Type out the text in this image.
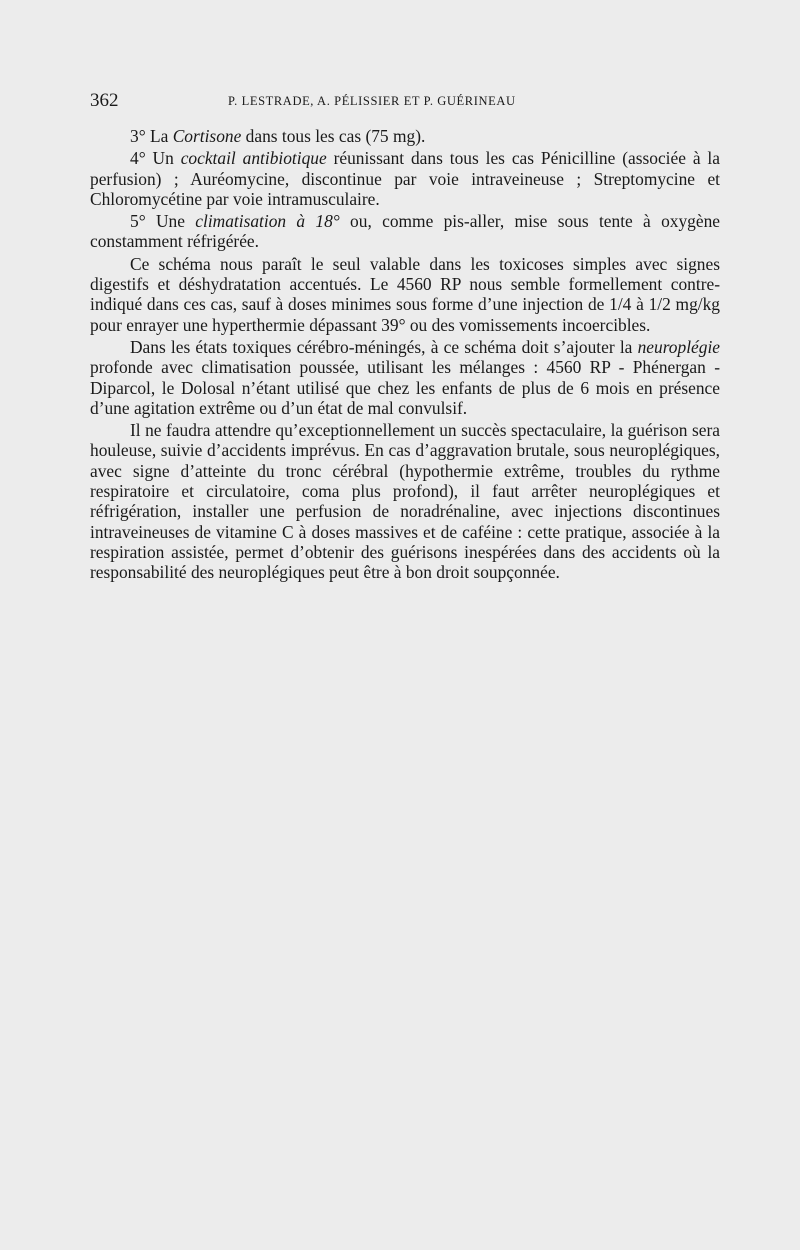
362	P. LESTRADE, A. PÉLISSIER ET P. GUÉRINEAU

3° La Cortisone dans tous les cas (75 mg).

4° Un cocktail antibiotique réunissant dans tous les cas Pénicilline (associée à la perfusion) ; Auréomycine, discontinue par voie intraveineuse ; Streptomycine et Chloromycétine par voie intramusculaire.

5° Une climatisation à 18° ou, comme pis-aller, mise sous tente à oxygène constamment réfrigérée.

Ce schéma nous paraît le seul valable dans les toxicoses simples avec signes digestifs et déshydratation accentués. Le 4560 RP nous semble formellement contre-indiqué dans ces cas, sauf à doses minimes sous forme d’une injection de 1/4 à 1/2 mg/kg pour enrayer une hyperthermie dépassant 39° ou des vomissements incoercibles.

Dans les états toxiques cérébro-méningés, à ce schéma doit s’ajouter la neuroplégie profonde avec climatisation poussée, utilisant les mélanges : 4560 RP - Phénergan - Diparcol, le Dolosal n’étant utilisé que chez les enfants de plus de 6 mois en présence d’une agitation extrême ou d’un état de mal convulsif.

Il ne faudra attendre qu’exceptionnellement un succès spectaculaire, la guérison sera houleuse, suivie d’accidents imprévus. En cas d’aggravation brutale, sous neuroplégiques, avec signe d’atteinte du tronc cérébral (hypothermie extrême, troubles du rythme respiratoire et circulatoire, coma plus profond), il faut arrêter neuroplégiques et réfrigération, installer une perfusion de noradrénaline, avec injections discontinues intraveineuses de vitamine C à doses massives et de caféine : cette pratique, associée à la respiration assistée, permet d’obtenir des guérisons inespérées dans des accidents où la responsabilité des neuroplégiques peut être à bon droit soupçonnée.
